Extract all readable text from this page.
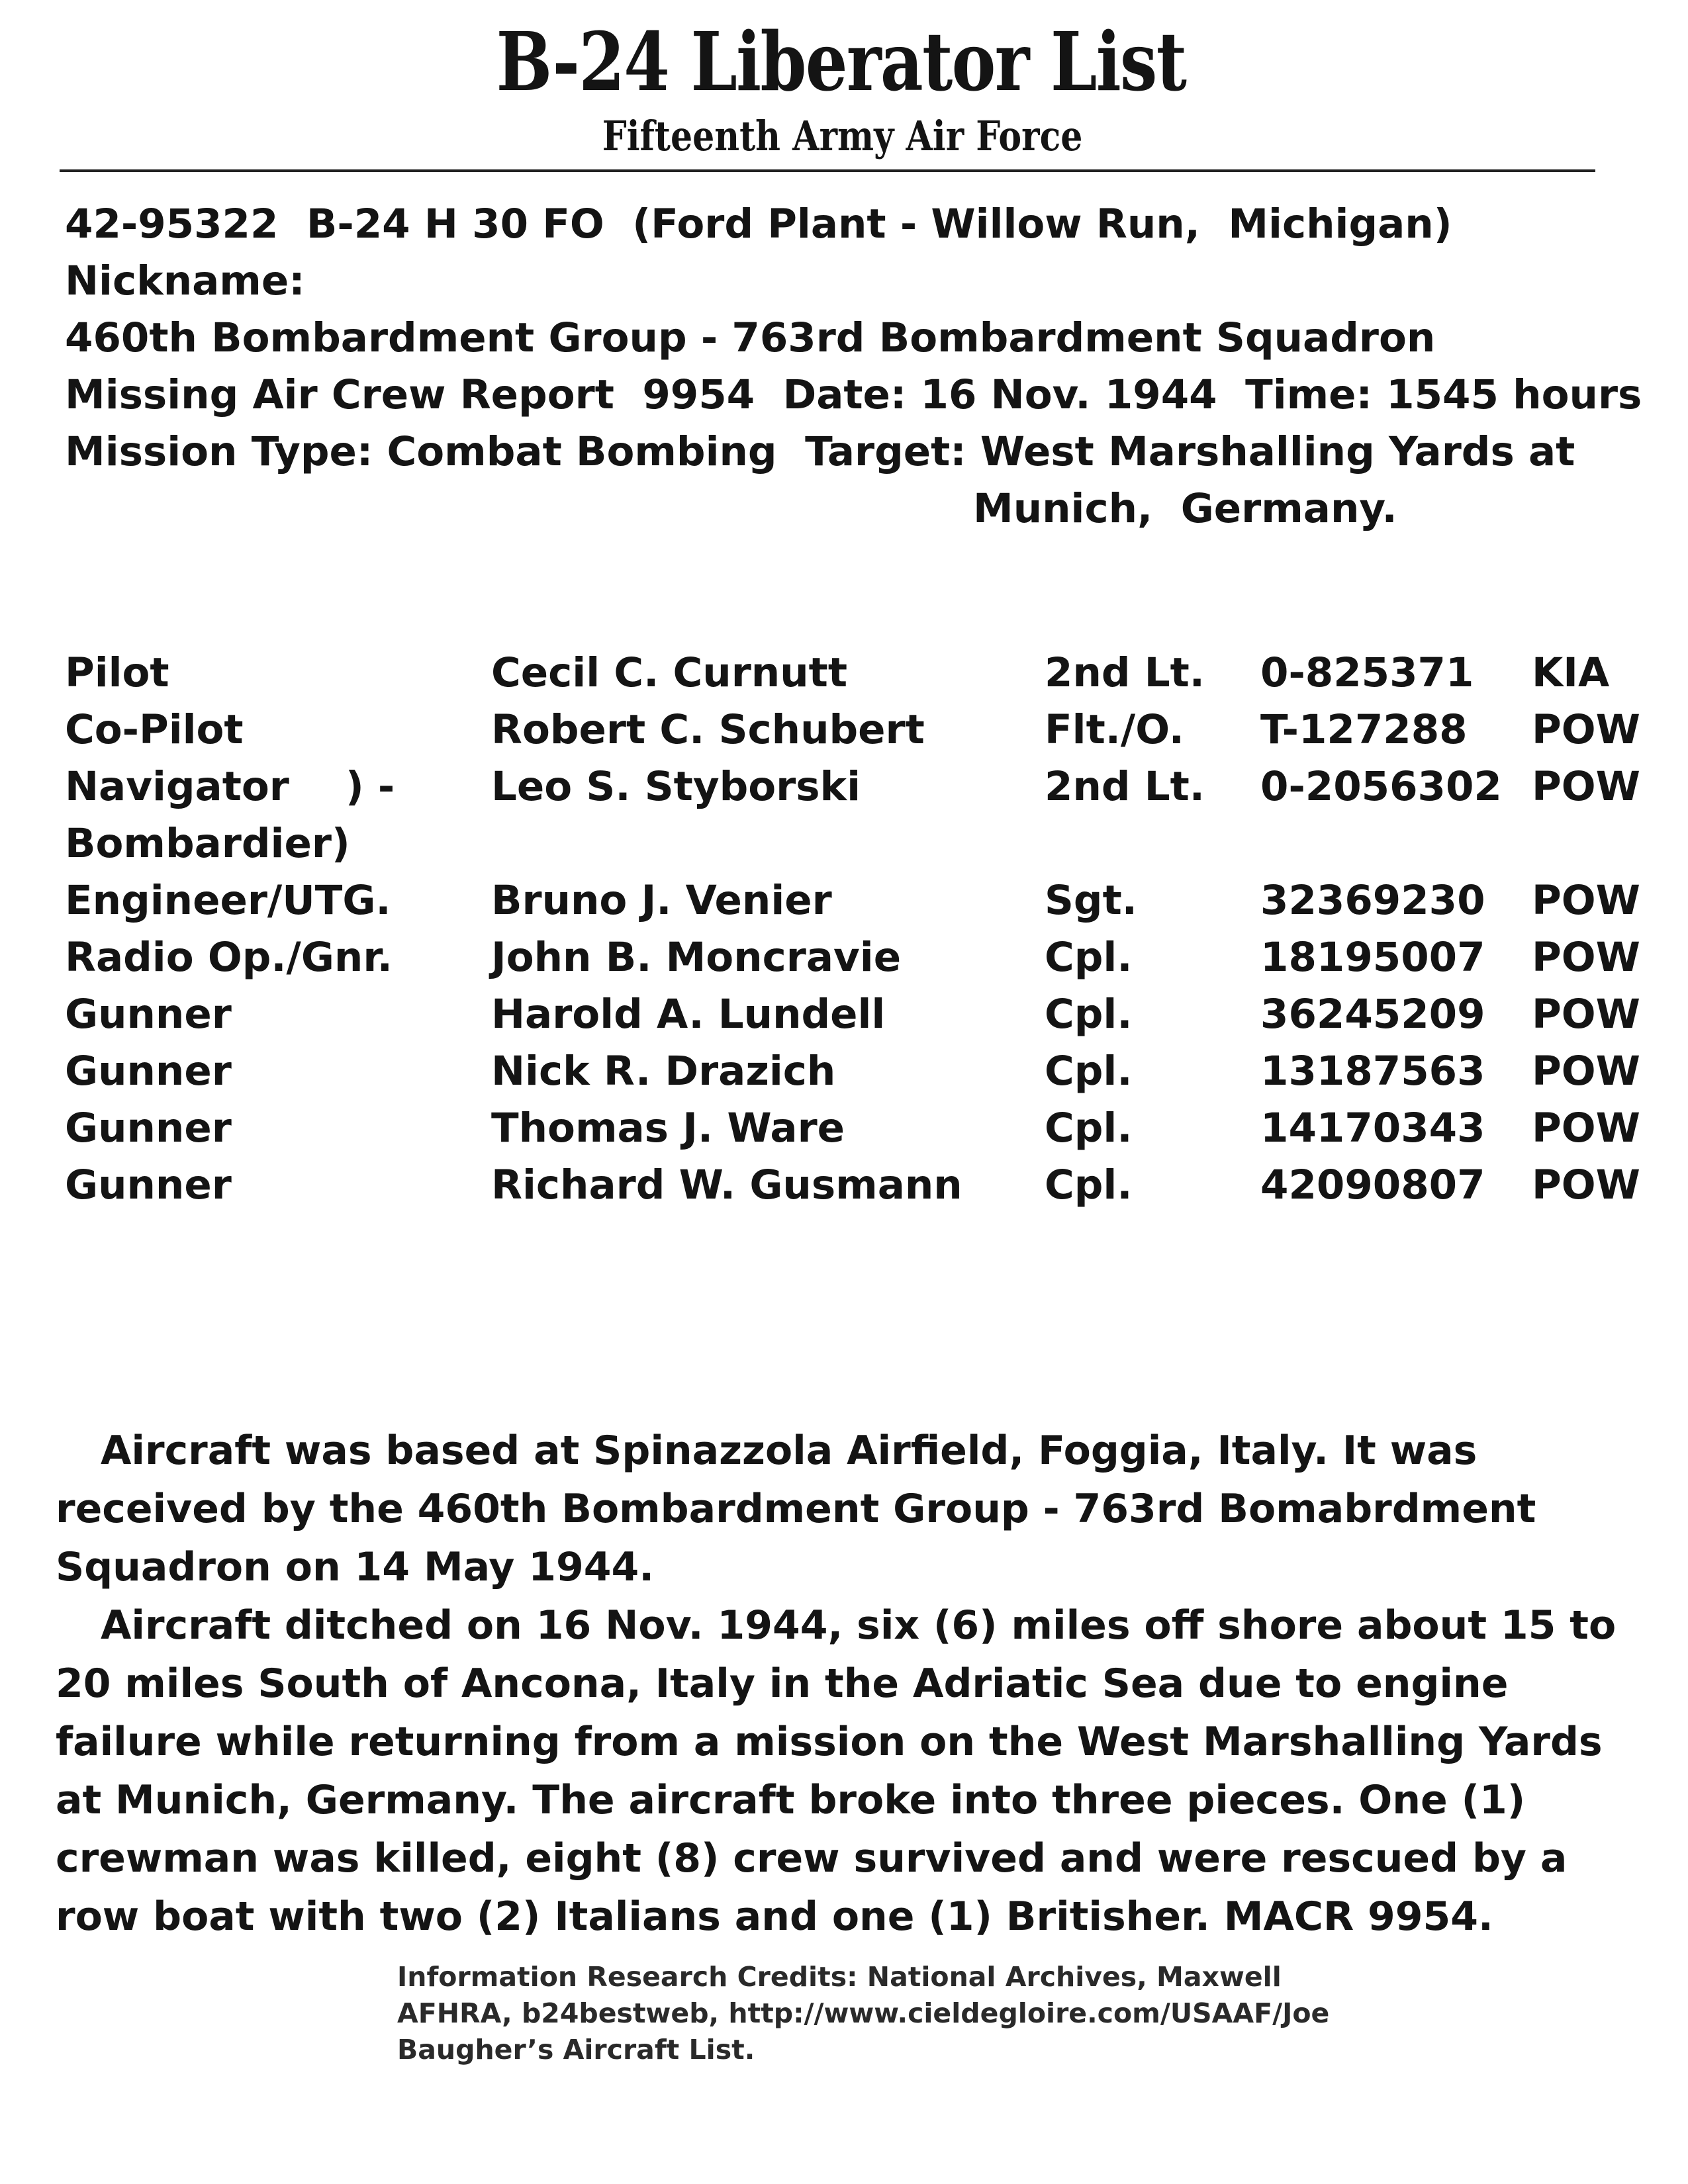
B-24 Liberator List
Fifteenth Army Air Force
42-95322  B-24 H 30 FO  (Ford Plant - Willow Run,  Michigan)
Nickname:
460th Bombardment Group - 763rd Bombardment Squadron
Missing Air Crew Report  9954  Date: 16 Nov. 1944  Time: 1545 hours
Mission Type: Combat Bombing  Target: West Marshalling Yards at
Munich,  Germany.
Pilot	Cecil C. Curnutt	2nd Lt. 0-825371 KIA
Co-Pilot	Robert C. Schubert	Flt./O. T-127288 POW
Navigator    ) -
Bombardier)
Leo S. Styborski	2nd Lt. 0-2056302 POW
Engineer/UTG.	Bruno J. Venier	Sgt.	32369230 POW
Radio Op./Gnr.	John B. Moncravie	Cpl.	18195007 POW
Gunner	Harold A. Lundell	Cpl.	36245209 POW
Gunner	Nick R. Drazich	Cpl.	13187563 POW
Gunner	Thomas J. Ware	Cpl.	14170343 POW
Gunner	Richard W. Gusmann Cpl.	42090807 POW

Aircraft was based at Spinazzola Airfield, Foggia, Italy. It was received by the 460th Bombardment Group - 763rd Bomabrdment Squadron on 14 May 1944.

Aircraft ditched on 16 Nov. 1944, six (6) miles off shore about 15 to 20 miles South of Ancona, Italy in the Adriatic Sea due to engine failure while returning from a mission on the West Marshalling Yards at Munich, Germany. The aircraft broke into three pieces. One (1) crewman was killed, eight (8) crew survived and were rescued by a row boat with two (2) Italians and one (1) Britisher. MACR 9954.

Information Research Credits: National Archives, Maxwell AFHRA, b24bestweb, http://www.cieldegloire.com/USAAF/Joe Baugher’s Aircraft List.
